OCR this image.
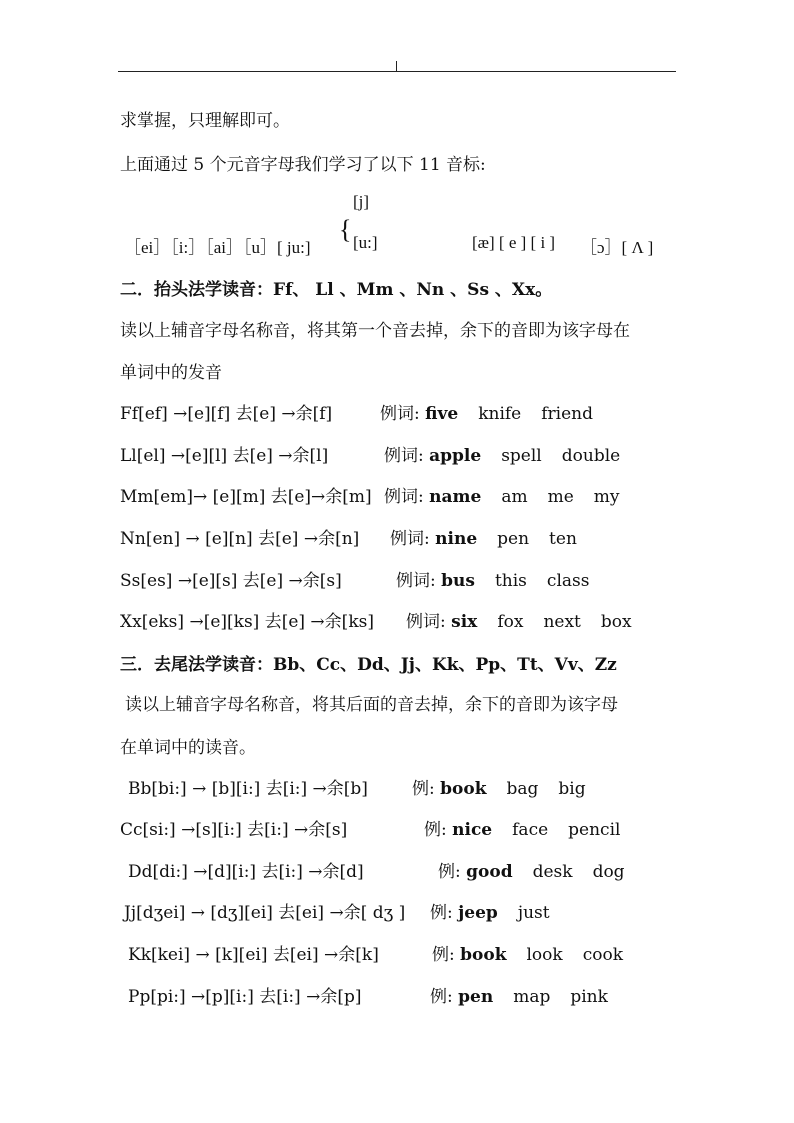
求掌握，只理解即可。
上面通过 5 个元音字母我们学习了以下 11 音标:
[j]
［ei］［i:］［ai］［u］[ ju:]
{ [u:]	[æ] [ e ] [ i ] ［ɔ］[ Λ ]
二．抬头法学读音：Ff、 Ll 、Mm 、Nn 、Ss 、Xx。
读以上辅音字母名称音，将其第一个音去掉，余下的音即为该字母在
单词中的发音
Ff[ef] →[e][f] 去[e] →余[f]	例词: five knife friend
Ll[el] →[e][l] 去[e] →余[l]	例词: apple spell double
Mm[em]→ [e][m] 去[e]→余[m] 例词: name am me my
Nn[en] → [e][n] 去[e] →余[n] 例词: nine pen ten
Ss[es] →[e][s] 去[e] →余[s]	例词: bus this class
Xx[eks] →[e][ks] 去[e] →余[ks] 例词: six fox next box
三．去尾法学读音：Bb、Cc、Dd、Jj、Kk、Pp、Tt、Vv、Zz
读以上辅音字母名称音，将其后面的音去掉，余下的音即为该字母
在单词中的读音。
Bb[bi:] → [b][i:] 去[i:] →余[b]	例: book bag big
Cc[si:] →[s][i:] 去[i:] →余[s]	例: nice face pencil
Dd[di:] →[d][i:] 去[i:] →余[d]	例: good desk dog
Jj[dʒei] → [dʒ][ei] 去[ei] →余[ dʒ ] 例: jeep just
Kk[kei] → [k][ei] 去[ei] →余[k]	例: book look cook
Pp[pi:] →[p][i:] 去[i:] →余[p]	例: pen map pink
